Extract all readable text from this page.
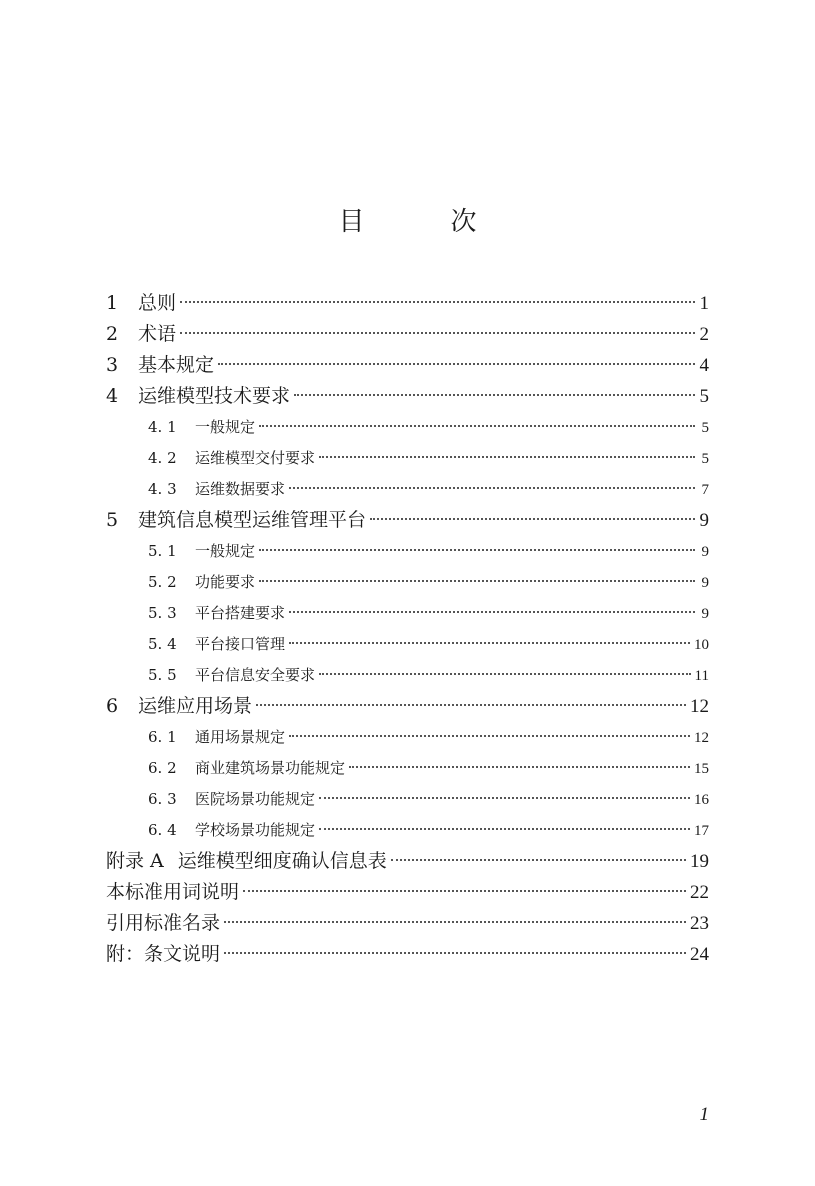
目　次
1	总则	1
2	术语	2
3	基本规定	4
4	运维模型技术要求	5
4. 1	一般规定	5
4. 2	运维模型交付要求	5
4. 3	运维数据要求	7
5	建筑信息模型运维管理平台	9
5. 1	一般规定	9
5. 2	功能要求	9
5. 3	平台搭建要求	9
5. 4	平台接口管理	10
5. 5	平台信息安全要求	11
6	运维应用场景	12
6. 1	通用场景规定	12
6. 2	商业建筑场景功能规定	15
6. 3	医院场景功能规定	16
6. 4	学校场景功能规定	17
附录 A 运维模型细度确认信息表	19
本标准用词说明	22
引用标准名录	23
附：条文说明	24
1
